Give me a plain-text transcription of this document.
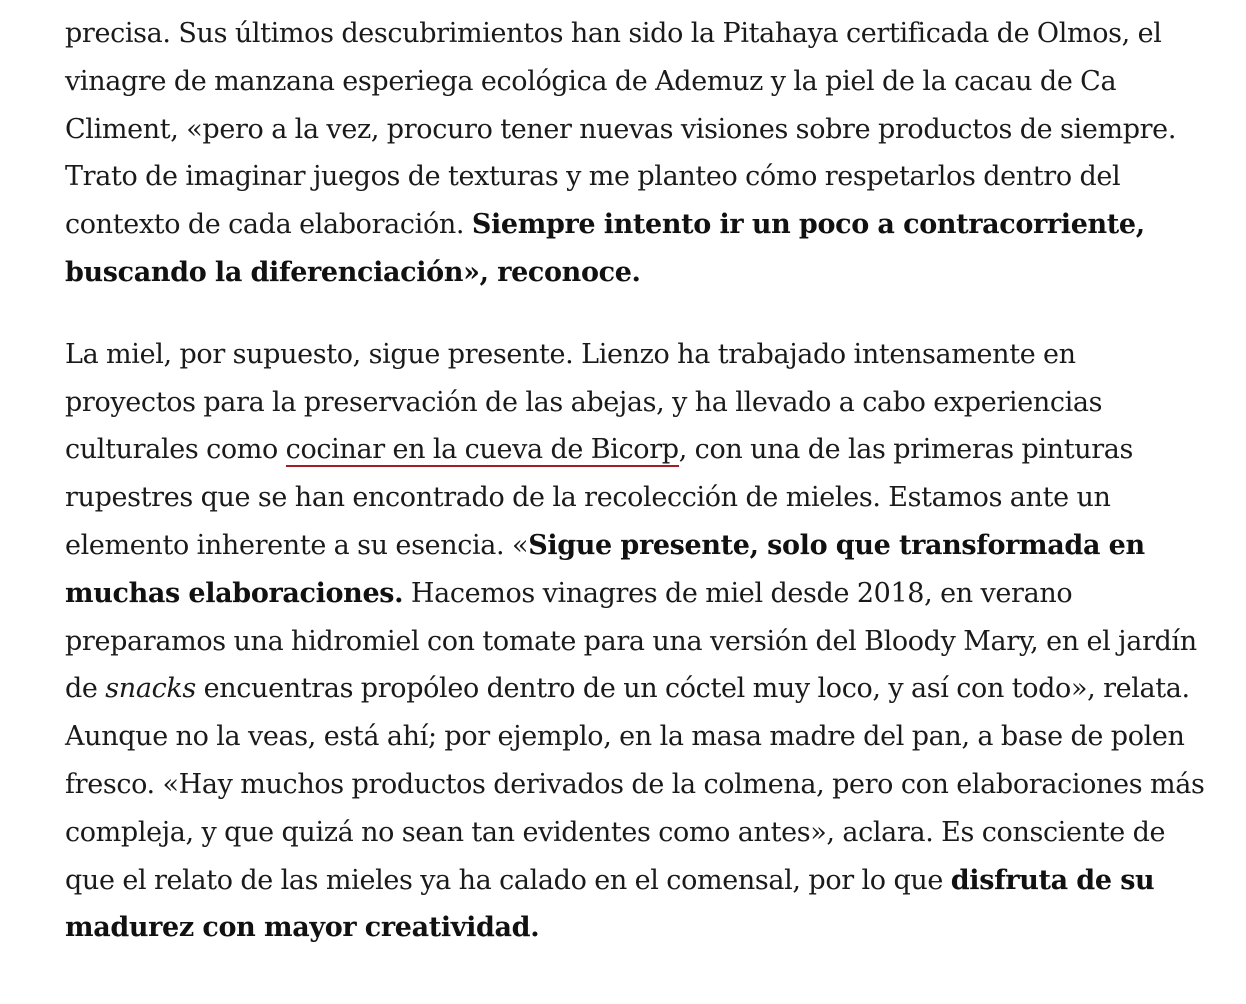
precisa. Sus últimos descubrimientos han sido la Pitahaya certificada de Olmos, el vinagre de manzana esperiega ecológica de Ademuz y la piel de la cacau de Ca Climent, «pero a la vez, procuro tener nuevas visiones sobre productos de siempre. Trato de imaginar juegos de texturas y me planteo cómo respetarlos dentro del contexto de cada elaboración. Siempre intento ir un poco a contracorriente, buscando la diferenciación», reconoce.

La miel, por supuesto, sigue presente. Lienzo ha trabajado intensamente en proyectos para la preservación de las abejas, y ha llevado a cabo experiencias culturales como cocinar en la cueva de Bicorp, con una de las primeras pinturas rupestres que se han encontrado de la recolección de mieles. Estamos ante un elemento inherente a su esencia. «Sigue presente, solo que transformada en muchas elaboraciones. Hacemos vinagres de miel desde 2018, en verano preparamos una hidromiel con tomate para una versión del Bloody Mary, en el jardín de snacks encuentras propóleo dentro de un cóctel muy loco, y así con todo», relata. Aunque no la veas, está ahí; por ejemplo, en la masa madre del pan, a base de polen fresco. «Hay muchos productos derivados de la colmena, pero con elaboraciones más compleja, y que quizá no sean tan evidentes como antes», aclara. Es consciente de que el relato de las mieles ya ha calado en el comensal, por lo que disfruta de su madurez con mayor creatividad.
